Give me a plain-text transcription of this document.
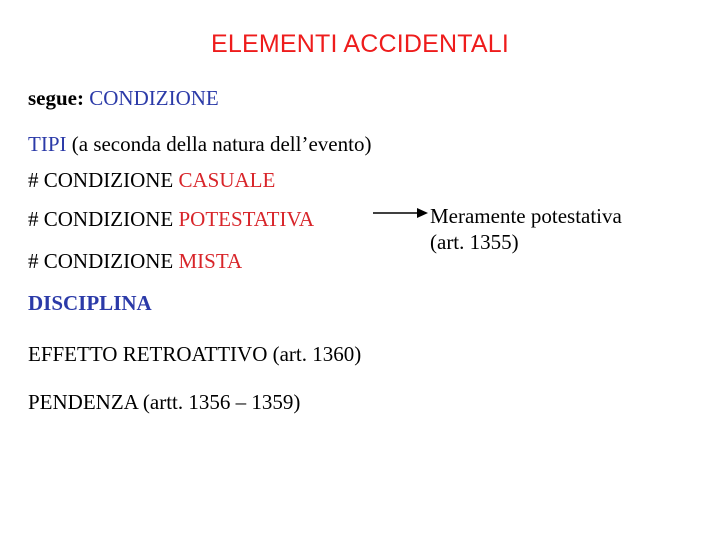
ELEMENTI ACCIDENTALI
segue: CONDIZIONE
TIPI (a seconda della natura dell’evento)
# CONDIZIONE CASUALE
# CONDIZIONE POTESTATIVA	Meramente potestativa
(art. 1355)
# CONDIZIONE MISTA
DISCIPLINA
EFFETTO RETROATTIVO (art. 1360)
PENDENZA (artt. 1356 – 1359)
